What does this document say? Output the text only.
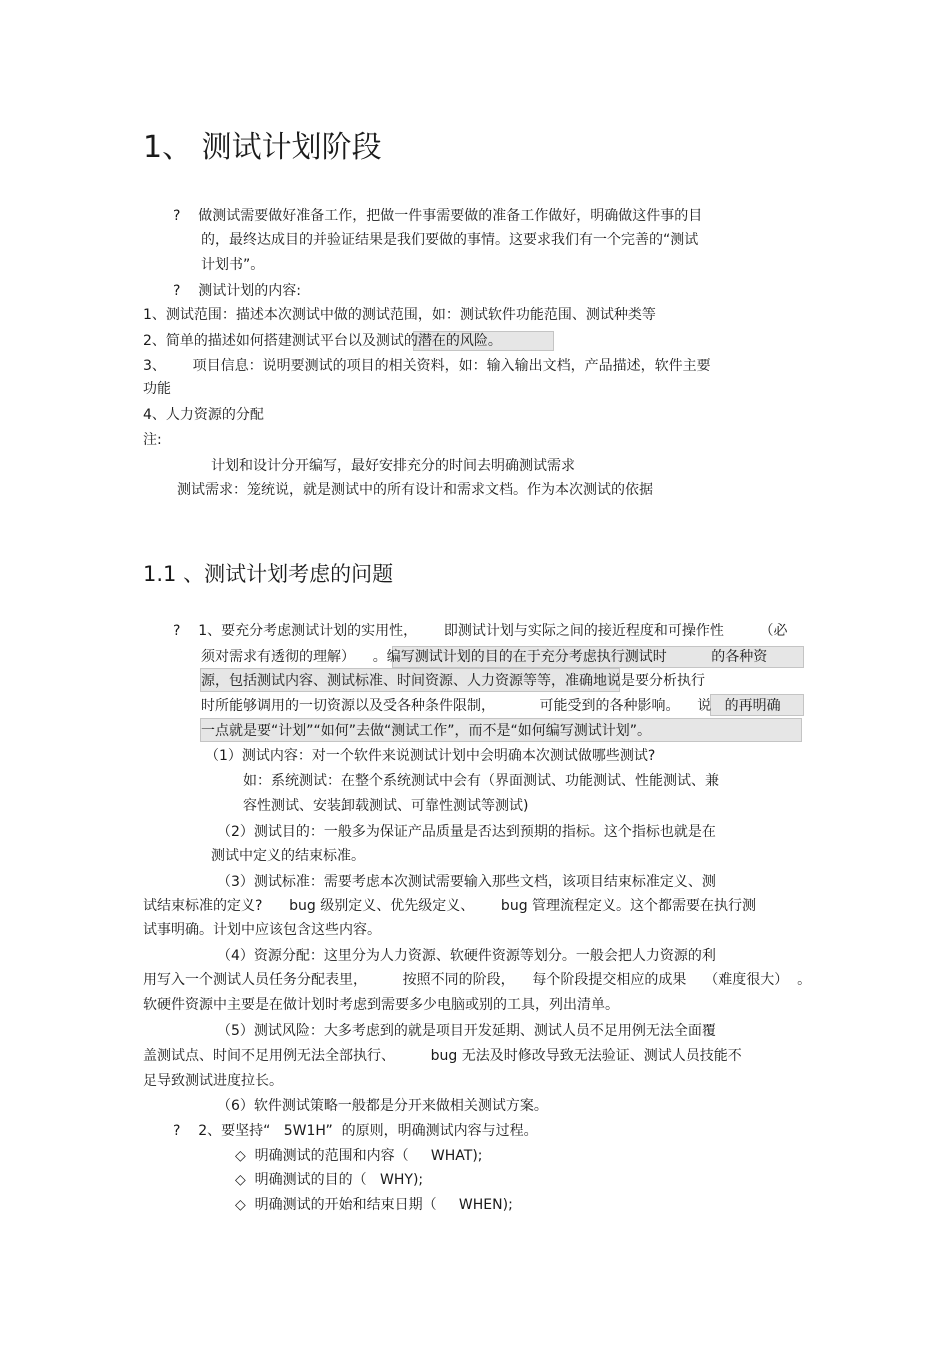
1、 测试计划阶段
?    做测试需要做好准备工作，把做一件事需要做的准备工作做好，明确做这件事的目
的，最终达成目的并验证结果是我们要做的事情。这要求我们有一个完善的“测试
计划书”。
?    测试计划的内容:
1、测试范围：描述本次测试中做的测试范围，如：测试软件功能范围、测试种类等
2、简单的描述如何搭建测试平台以及测试的潜在的风险。
3、      项目信息：说明要测试的项目的相关资料，如：输入输出文档，产品描述，软件主要
功能
4、人力资源的分配
注:
计划和设计分开编写，最好安排充分的时间去明确测试需求
测试需求：笼统说，就是测试中的所有设计和需求文档。作为本次测试的依据
1.1 、测试计划考虑的问题
?    1、要充分考虑测试计划的实用性，      即测试计划与实际之间的接近程度和可操作性        （必
须对需求有透彻的理解）    。编写测试计划的目的在于充分考虑执行测试时          的各种资
源，包括测试内容、测试标准、时间资源、人力资源等等，准确地说是要分析执行
时所能够调用的一切资源以及受各种条件限制，          可能受到的各种影响。    说   的再明确
一点就是要“计划”“如何”去做“测试工作”，而不是“如何编写测试计划”。
（1）测试内容：对一个软件来说测试计划中会明确本次测试做哪些测试?
如：系统测试：在整个系统测试中会有（界面测试、功能测试、性能测试、兼
容性测试、安装卸载测试、可靠性测试等测试)
（2）测试目的：一般多为保证产品质量是否达到预期的指标。这个指标也就是在
测试中定义的结束标准。
（3）测试标准：需要考虑本次测试需要输入那些文档，该项目结束标准定义、测
试结束标准的定义?      bug 级别定义、优先级定义、      bug 管理流程定义。这个都需要在执行测
试事明确。计划中应该包含这些内容。
（4）资源分配：这里分为人力资源、软硬件资源等划分。一般会把人力资源的利
用写入一个测试人员任务分配表里，        按照不同的阶段，    每个阶段提交相应的成果    （难度很大）  。
软硬件资源中主要是在做计划时考虑到需要多少电脑或别的工具，列出清单。
（5）测试风险：大多考虑到的就是项目开发延期、测试人员不足用例无法全面覆
盖测试点、时间不足用例无法全部执行、        bug 无法及时修改导致无法验证、测试人员技能不
足导致测试进度拉长。
（6）软件测试策略一般都是分开来做相关测试方案。
?    2、要坚持“   5W1H”  的原则，明确测试内容与过程。
◇  明确测试的范围和内容（     WHAT);
◇  明确测试的目的（   WHY);
◇  明确测试的开始和结束日期（     WHEN);
